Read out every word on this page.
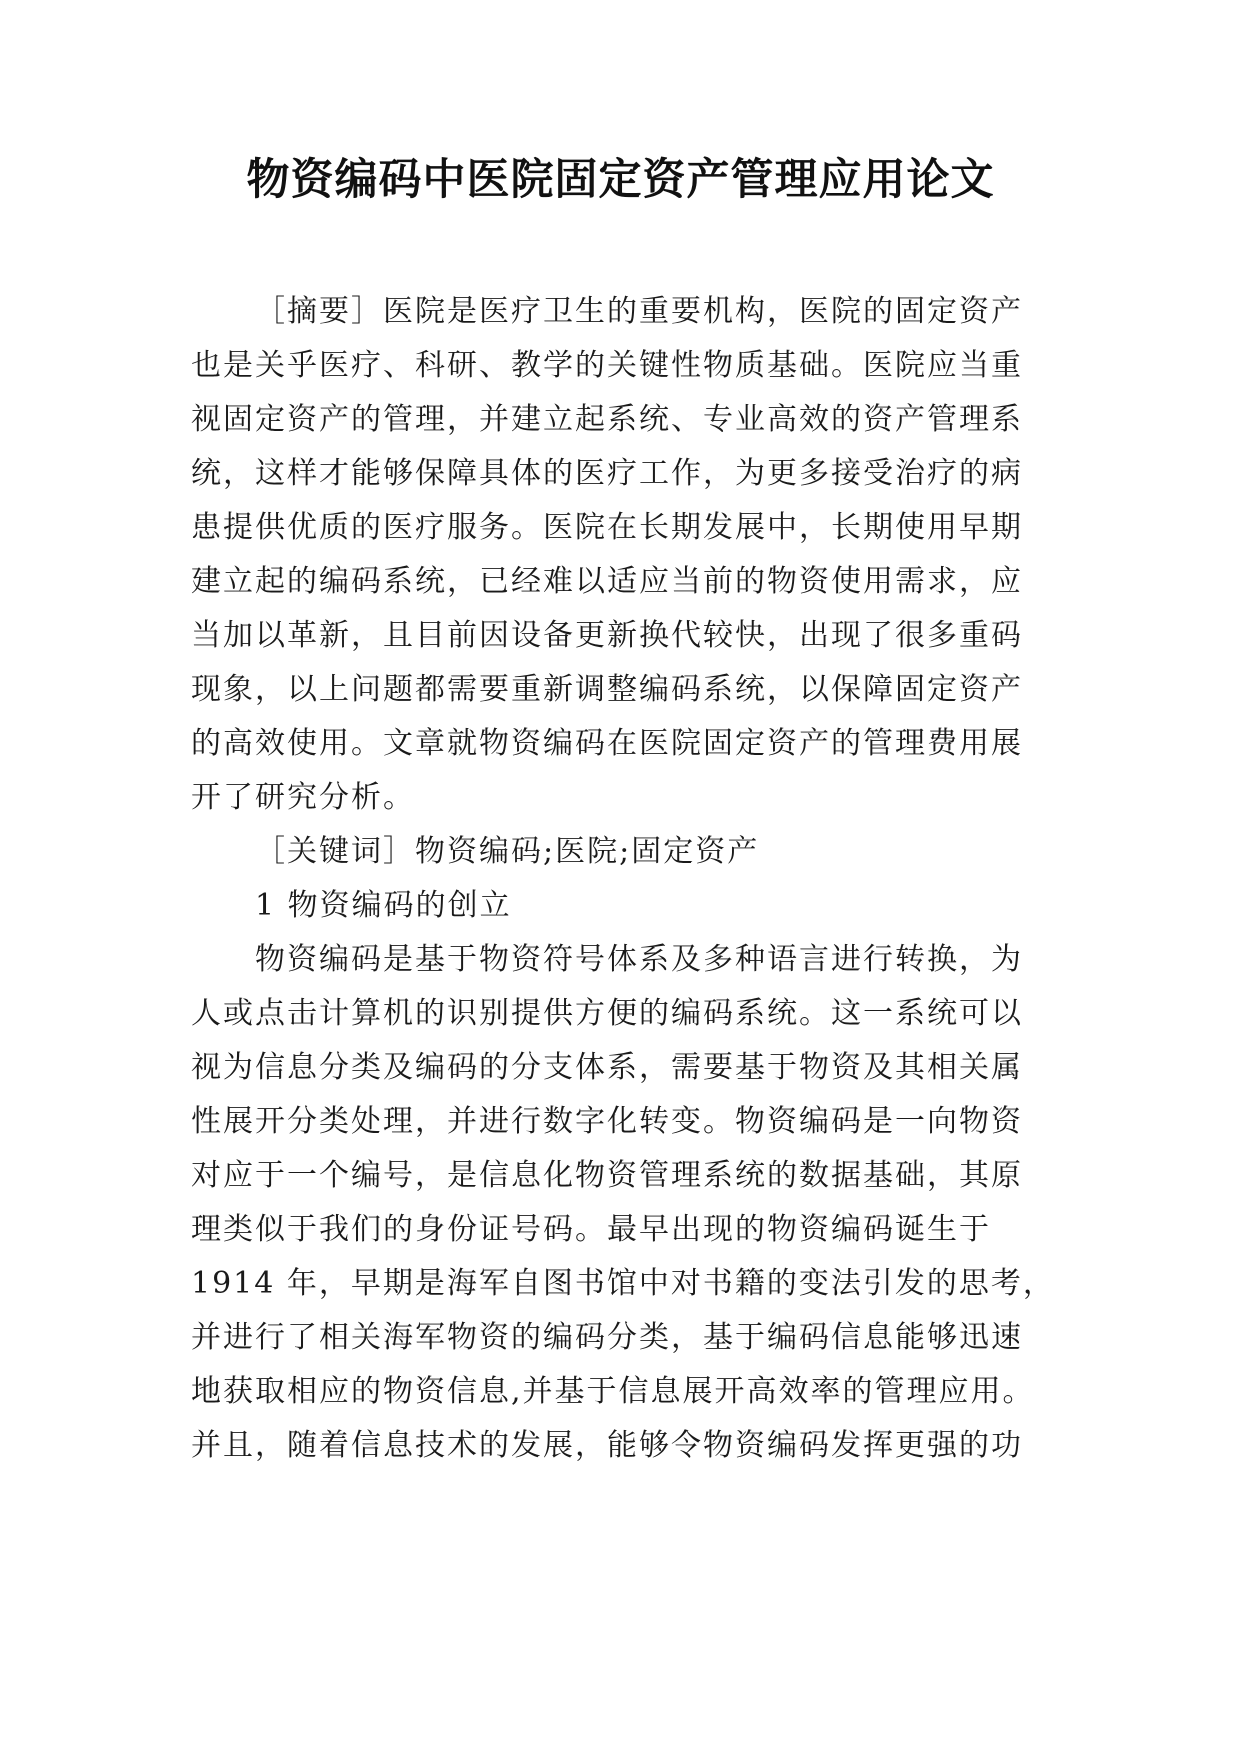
物资编码中医院固定资产管理应用论文
［摘要］医院是医疗卫生的重要机构，医院的固定资产
也是关乎医疗、科研、教学的关键性物质基础。医院应当重
视固定资产的管理，并建立起系统、专业高效的资产管理系
统，这样才能够保障具体的医疗工作，为更多接受治疗的病
患提供优质的医疗服务。医院在长期发展中，长期使用早期
建立起的编码系统，已经难以适应当前的物资使用需求，应
当加以革新，且目前因设备更新换代较快，出现了很多重码
现象，以上问题都需要重新调整编码系统，以保障固定资产
的高效使用。文章就物资编码在医院固定资产的管理费用展
开了研究分析。
［关键词］物资编码;医院;固定资产
1 物资编码的创立
物资编码是基于物资符号体系及多种语言进行转换，为
人或点击计算机的识别提供方便的编码系统。这一系统可以
视为信息分类及编码的分支体系，需要基于物资及其相关属
性展开分类处理，并进行数字化转变。物资编码是一向物资
对应于一个编号，是信息化物资管理系统的数据基础，其原
理类似于我们的身份证号码。最早出现的物资编码诞生于
1914 年，早期是海军自图书馆中对书籍的变法引发的思考，
并进行了相关海军物资的编码分类，基于编码信息能够迅速
地获取相应的物资信息,并基于信息展开高效率的管理应用。
并且，随着信息技术的发展，能够令物资编码发挥更强的功
